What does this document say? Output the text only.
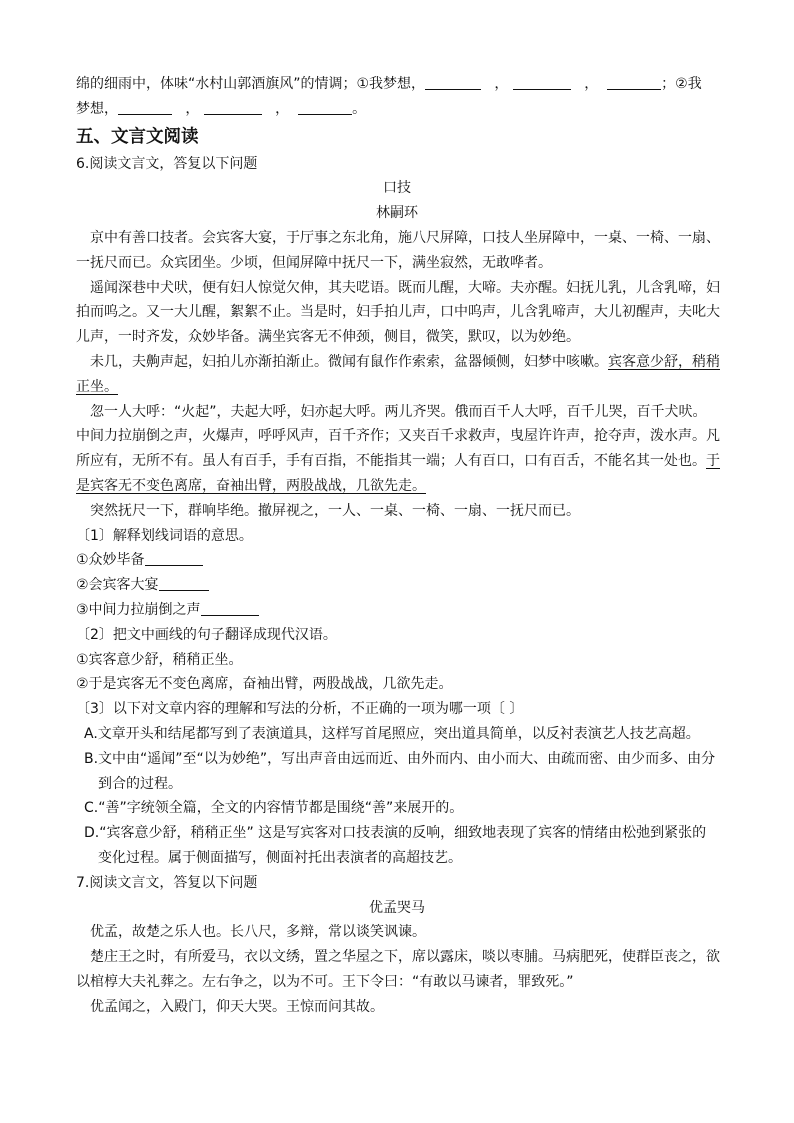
绵的细雨中，体味“水村山郭酒旗风”的情调；①我梦想，	，	，	；②我

梦想，	，	，	。

五、文言文阅读

6.阅读文言文，答复以下问题

口技

林嗣环

京中有善口技者。会宾客大宴，于厅事之东北角，施八尺屏障，口技人坐屏障中，一桌、一椅、一扇、

一抚尺而已。众宾团坐。少顷，但闻屏障中抚尺一下，满坐寂然，无敢哗者。

遥闻深巷中犬吠，便有妇人惊觉欠伸，其夫呓语。既而儿醒，大啼。夫亦醒。妇抚儿乳，儿含乳啼，妇

拍而呜之。又一大儿醒，絮絮不止。当是时，妇手拍儿声，口中呜声，儿含乳啼声，大儿初醒声，夫叱大

儿声，一时齐发，众妙毕备。满坐宾客无不伸颈，侧目，微笑，默叹，以为妙绝。

未几，夫齁声起，妇拍儿亦渐拍渐止。微闻有鼠作作索索，盆器倾侧，妇梦中咳嗽。宾客意少舒，稍稍

正坐。

忽一人大呼：“火起”，夫起大呼，妇亦起大呼。两儿齐哭。俄而百千人大呼，百千儿哭，百千犬吠。

中间力拉崩倒之声，火爆声，呼呼风声，百千齐作；又夹百千求救声，曳屋许许声，抢夺声，泼水声。凡

所应有，无所不有。虽人有百手，手有百指，不能指其一端；人有百口，口有百舌，不能名其一处也。于

是宾客无不变色离席，奋袖出臂，两股战战，几欲先走。

突然抚尺一下，群响毕绝。撤屏视之，一人、一桌、一椅、一扇、一抚尺而已。

〔1〕解释划线词语的意思。

①众妙毕备

②会宾客大宴

③中间力拉崩倒之声

〔2〕把文中画线的句子翻译成现代汉语。

①宾客意少舒，稍稍正坐。

②于是宾客无不变色离席，奋袖出臂，两股战战，几欲先走。

〔3〕以下对文章内容的理解和写法的分析，不正确的一项为哪一项〔 〕

A.文章开头和结尾都写到了表演道具，这样写首尾照应，突出道具简单，以反衬表演艺人技艺高超。

B.文中由“遥闻”至“以为妙绝”，写出声音由远而近、由外而内、由小而大、由疏而密、由少而多、由分

到合的过程。

C.“善”字统领全篇，全文的内容情节都是围绕“善”来展开的。

D.“宾客意少舒，稍稍正坐” 这是写宾客对口技表演的反响，细致地表现了宾客的情绪由松弛到紧张的

变化过程。属于侧面描写，侧面衬托出表演者的高超技艺。

7.阅读文言文，答复以下问题

优孟哭马

优孟，故楚之乐人也。长八尺，多辩，常以谈笑讽谏。

楚庄王之时，有所爱马，衣以文绣，置之华屋之下，席以露床，啖以枣脯。马病肥死，使群臣丧之，欲

以棺椁大夫礼葬之。左右争之，以为不可。王下令曰：“有敢以马谏者，罪致死。”

优孟闻之，入殿门，仰天大哭。王惊而问其故。
